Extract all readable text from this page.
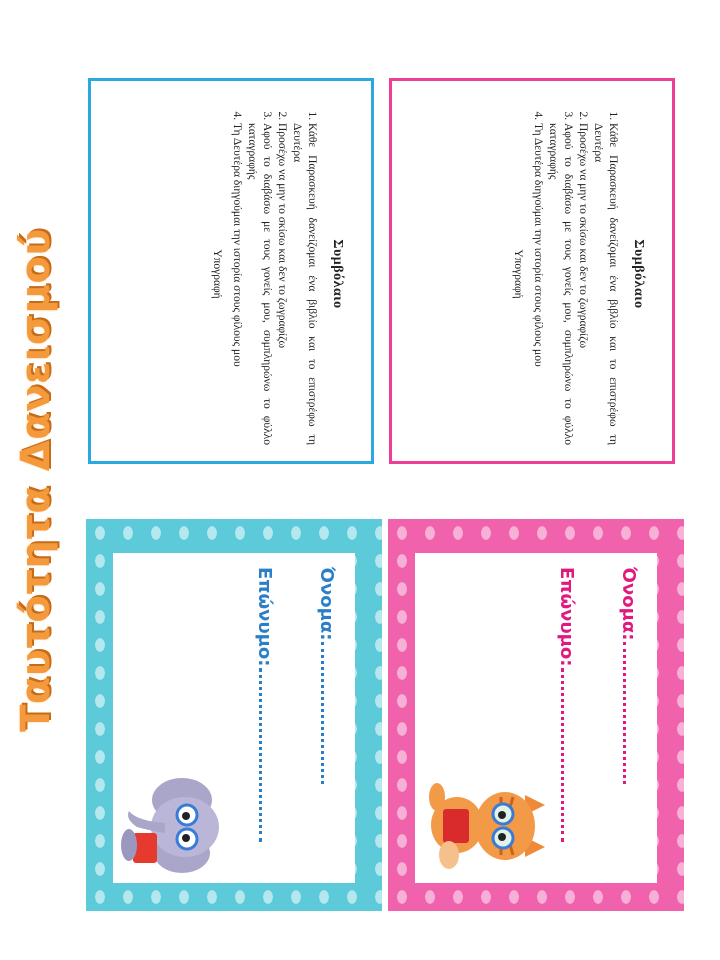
Ταυτότητα Δανεισμού	Συμβόλαιο
1. Κάθε Παρασκευή δανείζομαι ένα βιβλίο και το επιστρέφω τη Δευτέρα
2. Προσέχω να μην το σκίσω και δεν το ζωγραφίζω
3. Αφού το διαβάσω με τους γονείς μου, συμπληρώνω το φύλλο καταγραφής
4. Τη Δευτέρα διηγούμαι την ιστορία στους φίλους μου
Υπογραφή	Συμβόλαιο
1. Κάθε Παρασκευή δανείζομαι ένα βιβλίο και το επιστρέφω τη Δευτέρα
2. Προσέχω να μην το σκίσω και δεν το ζωγραφίζω
3. Αφού το διαβάσω με τους γονείς μου, συμπληρώνω το φύλλο καταγραφής
4. Τη Δευτέρα διηγούμαι την ιστορία στους φίλους μου
Υπογραφή
Όνομα:
Επώνυμο:	Όνομα:
Επώνυμο:
